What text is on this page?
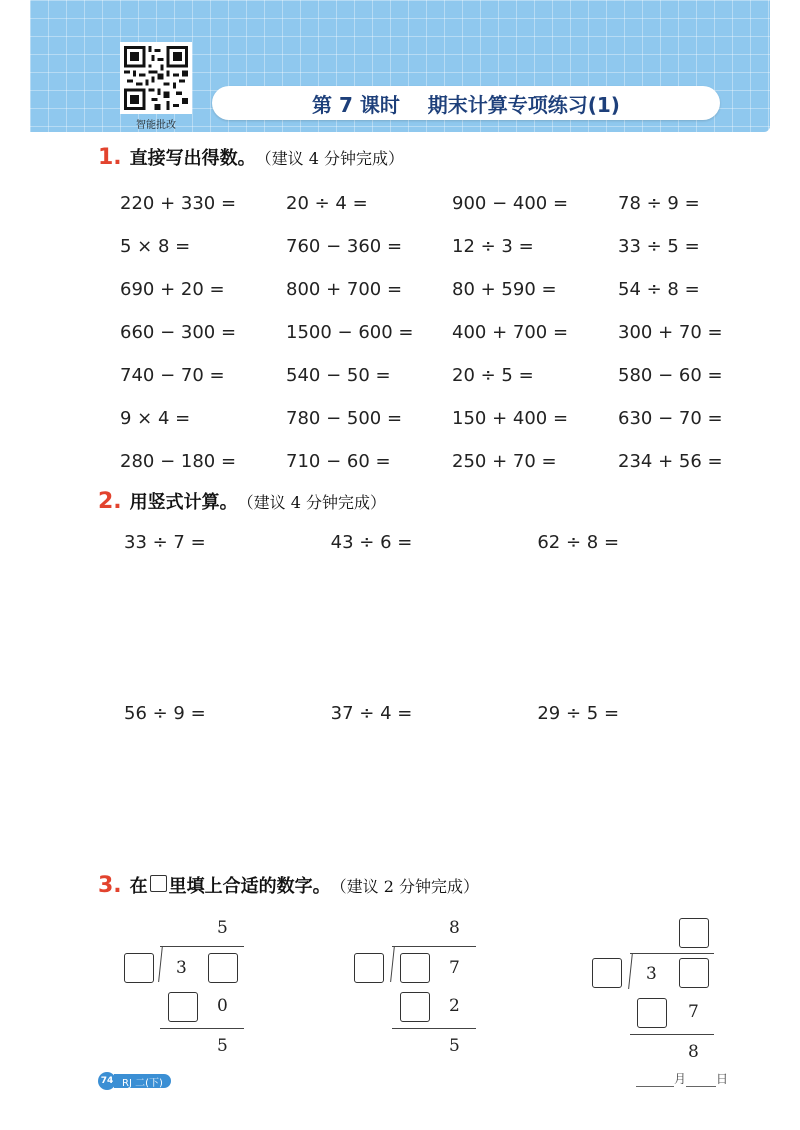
智能批改
第 7 课时    期末计算专项练习(1)
1. 直接写出得数。 （建议 4 分钟完成）
220 + 330 =	20 ÷ 4 =	900 − 400 =	78 ÷ 9 =
5 × 8 =	760 − 360 =	12 ÷ 3 =	33 ÷ 5 =
690 + 20 =	800 + 700 =	80 + 590 =	54 ÷ 8 =
660 − 300 =	1500 − 600 =	400 + 700 =	300 + 70 =
740 − 70 =	540 − 50 =	20 ÷ 5 =	580 − 60 =
9 × 4 =	780 − 500 =	150 + 400 =	630 − 70 =
280 − 180 =	710 − 60 =	250 + 70 =	234 + 56 =
2. 用竖式计算。 （建议 4 分钟完成）
33 ÷ 7 =	43 ÷ 6 =	62 ÷ 8 =
56 ÷ 9 =	37 ÷ 4 =	29 ÷ 5 =
3. 在 里填上合适的数字。 （建议 2 分钟完成）
5
3
0
5
8
7
2
5
3
7
8
74 RJ 二(下)	月	日
